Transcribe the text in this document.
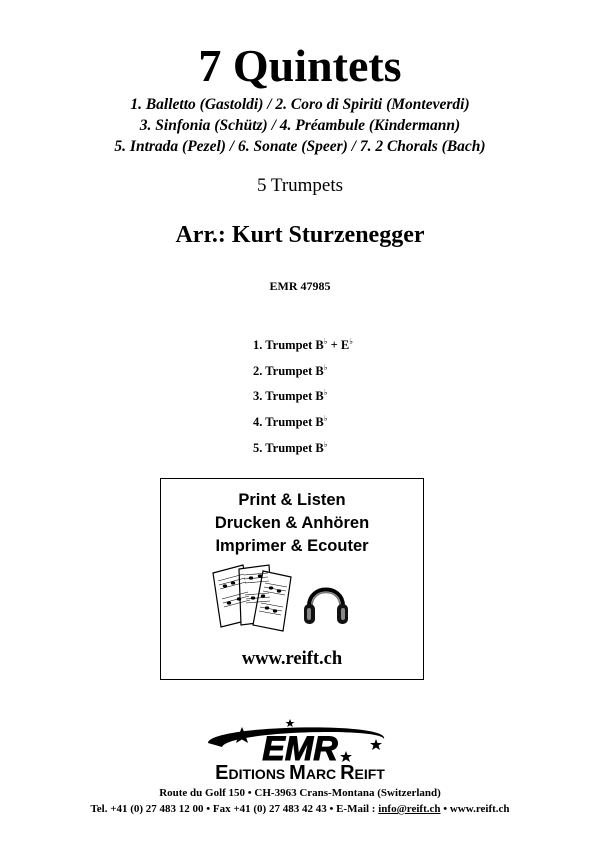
7 Quintets
1. Balletto (Gastoldi) / 2. Coro di Spiriti (Monteverdi)
3. Sinfonia (Schütz) / 4. Préambule (Kindermann)
5. Intrada (Pezel) / 6. Sonate (Speer) / 7. 2 Chorals (Bach)
5 Trumpets
Arr.: Kurt Sturzenegger
EMR 47985
1. Trumpet B♭ + E♭
2. Trumpet B♭
3. Trumpet B♭
4. Trumpet B♭
5. Trumpet B♭
Print & Listen
Drucken & Anhören
Imprimer & Ecouter
www.reift.ch
EMR
EDITIONS MARC REIFT
Route du Golf 150 • CH-3963 Crans-Montana (Switzerland)
Tel. +41 (0) 27 483 12 00 • Fax +41 (0) 27 483 42 43 • E-Mail : info@reift.ch • www.reift.ch
